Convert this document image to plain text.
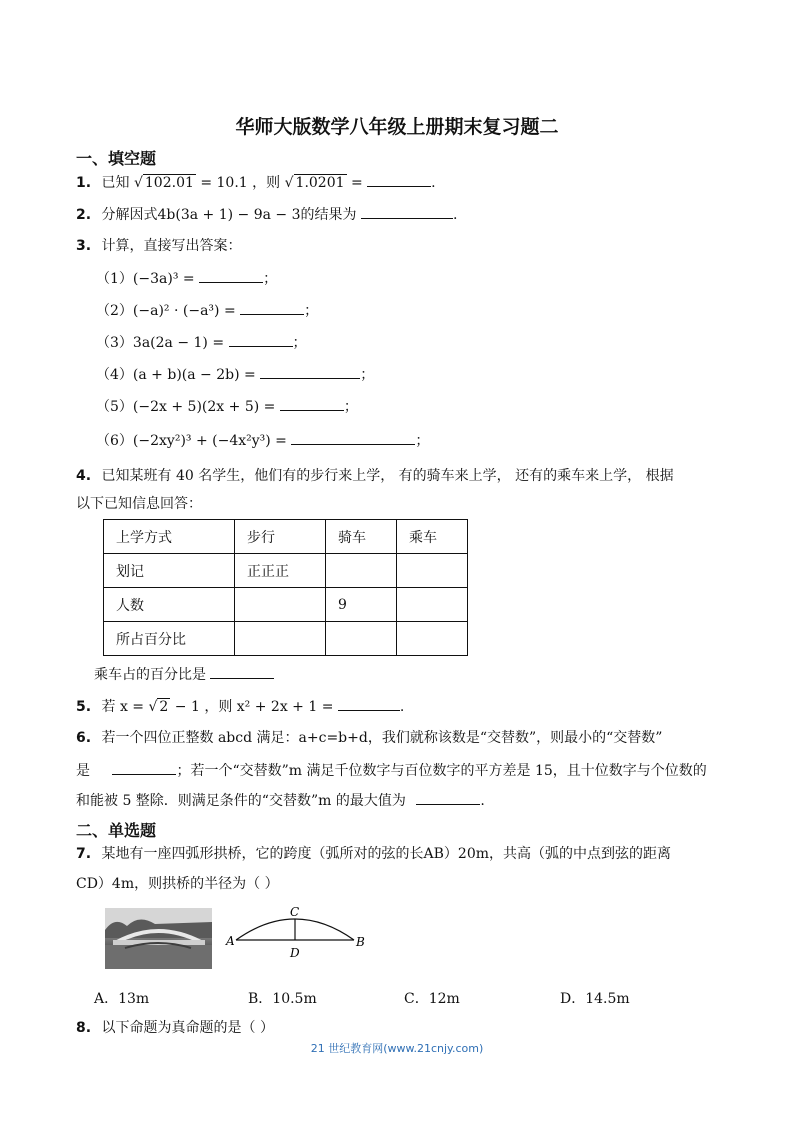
华师大版数学八年级上册期末复习题二
一、填空题
1. 已知 √ 102.01 = 10.1 ，则 √ 1.0201 =	.
2. 分解因式4b(3a + 1) − 9a − 3的结果为	.
3. 计算，直接写出答案：
（1）(−3a)³ =	；
（2）(−a)² · (−a³) =	；
（3）3a(2a − 1) =	；
（4）(a + b)(a − 2b) =	；
（5）(−2x + 5)(2x + 5) =	；
（6）(−2xy²)³ + (−4x²y³) =	；
4. 已知某班有 40 名学生，他们有的步行来上学， 有的骑车来上学， 还有的乘车来上学， 根据
以下已知信息回答：
上学方式	步行	骑车	乘车
划记	正正正		
人数		9	
所占百分比			
乘车占的百分比是
5. 若 x = √ 2 − 1 ，则 x² + 2x + 1 =	.
6. 若一个四位正整数 abcd 满足：a+c=b+d，我们就称该数是“交替数”，则最小的“交替数”
是	；若一个“交替数”m 满足千位数字与百位数字的平方差是 15，且十位数字与个位数的
和能被 5 整除．则满足条件的“交替数”m 的最大值为	.
二、单选题
7. 某地有一座四弧形拱桥，它的跨度（弧所对的弦的长AB）20m，共高（弧的中点到弦的距离
CD）4m，则拱桥的半径为（ ）
A	B
C
D
A．13m	B．10.5m	C．12m	D．14.5m
8. 以下命题为真命题的是（ ）
21 世纪教育网(www.21cnjy.com)
